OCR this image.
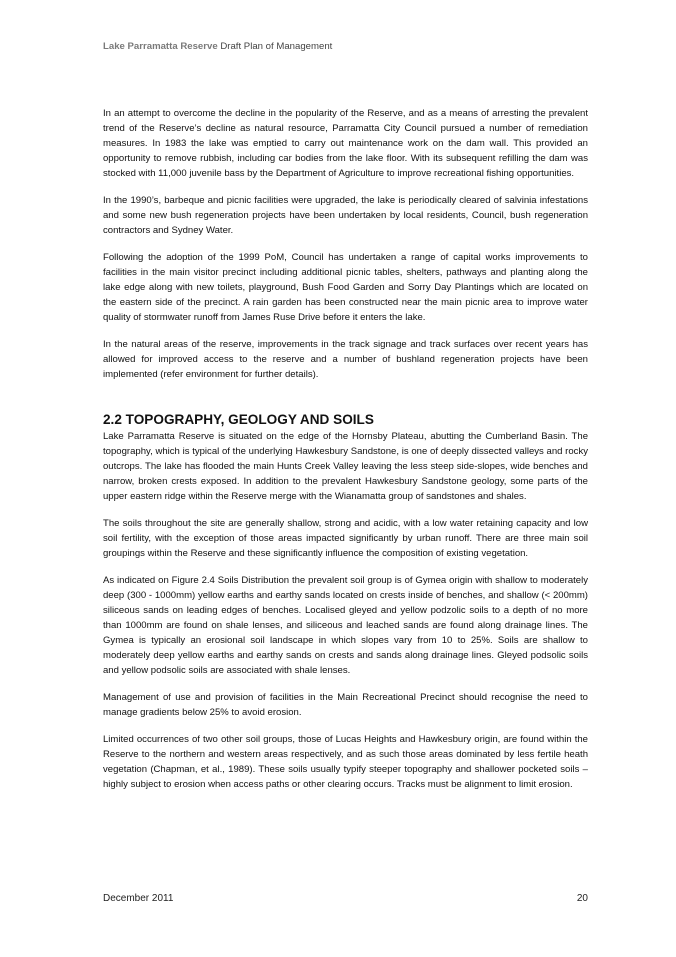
Lake Parramatta Reserve Draft Plan of Management

In an attempt to overcome the decline in the popularity of the Reserve, and as a means of arresting the prevalent trend of the Reserve’s decline as natural resource, Parramatta City Council pursued a number of remediation measures. In 1983 the lake was emptied to carry out maintenance work on the dam wall. This provided an opportunity to remove rubbish, including car bodies from the lake floor. With its subsequent refilling the dam was stocked with 11,000 juvenile bass by the Department of Agriculture to improve recreational fishing opportunities.

In the 1990’s, barbeque and picnic facilities were upgraded, the lake is periodically cleared of salvinia infestations and some new bush regeneration projects have been undertaken by local residents, Council, bush regeneration contractors and Sydney Water.

Following the adoption of the 1999 PoM, Council has undertaken a range of capital works improvements to facilities in the main visitor precinct including additional picnic tables, shelters, pathways and planting along the lake edge along with new toilets, playground, Bush Food Garden and Sorry Day Plantings which are located on the eastern side of the precinct. A rain garden has been constructed near the main picnic area to improve water quality of stormwater runoff from James Ruse Drive before it enters the lake.

In the natural areas of the reserve, improvements in the track signage and track surfaces over recent years has allowed for improved access to the reserve and a number of bushland regeneration projects have been implemented (refer environment for further details).

2.2 TOPOGRAPHY, GEOLOGY AND SOILS

Lake Parramatta Reserve is situated on the edge of the Hornsby Plateau, abutting the Cumberland Basin. The topography, which is typical of the underlying Hawkesbury Sandstone, is one of deeply dissected valleys and rocky outcrops. The lake has flooded the main Hunts Creek Valley leaving the less steep side-slopes, wide benches and narrow, broken crests exposed. In addition to the prevalent Hawkesbury Sandstone geology, some parts of the upper eastern ridge within the Reserve merge with the Wianamatta group of sandstones and shales.

The soils throughout the site are generally shallow, strong and acidic, with a low water retaining capacity and low soil fertility, with the exception of those areas impacted significantly by urban runoff. There are three main soil groupings within the Reserve and these significantly influence the composition of existing vegetation.

As indicated on Figure 2.4 Soils Distribution the prevalent soil group is of Gymea origin with shallow to moderately deep (300 - 1000mm) yellow earths and earthy sands located on crests inside of benches, and shallow (< 200mm) siliceous sands on leading edges of benches. Localised gleyed and yellow podzolic soils to a depth of no more than 1000mm are found on shale lenses, and siliceous and leached sands are found along drainage lines. The Gymea is typically an erosional soil landscape in which slopes vary from 10 to 25%. Soils are shallow to moderately deep yellow earths and earthy sands on crests and sands along drainage lines. Gleyed podsolic soils and yellow podsolic soils are associated with shale lenses.

Management of use and provision of facilities in the Main Recreational Precinct should recognise the need to manage gradients below 25% to avoid erosion.

Limited occurrences of two other soil groups, those of Lucas Heights and Hawkesbury origin, are found within the Reserve to the northern and western areas respectively, and as such those areas dominated by less fertile heath vegetation (Chapman, et al., 1989). These soils usually typify steeper topography and shallower pocketed soils – highly subject to erosion when access paths or other clearing occurs. Tracks must be alignment to limit erosion.

December 2011	20
